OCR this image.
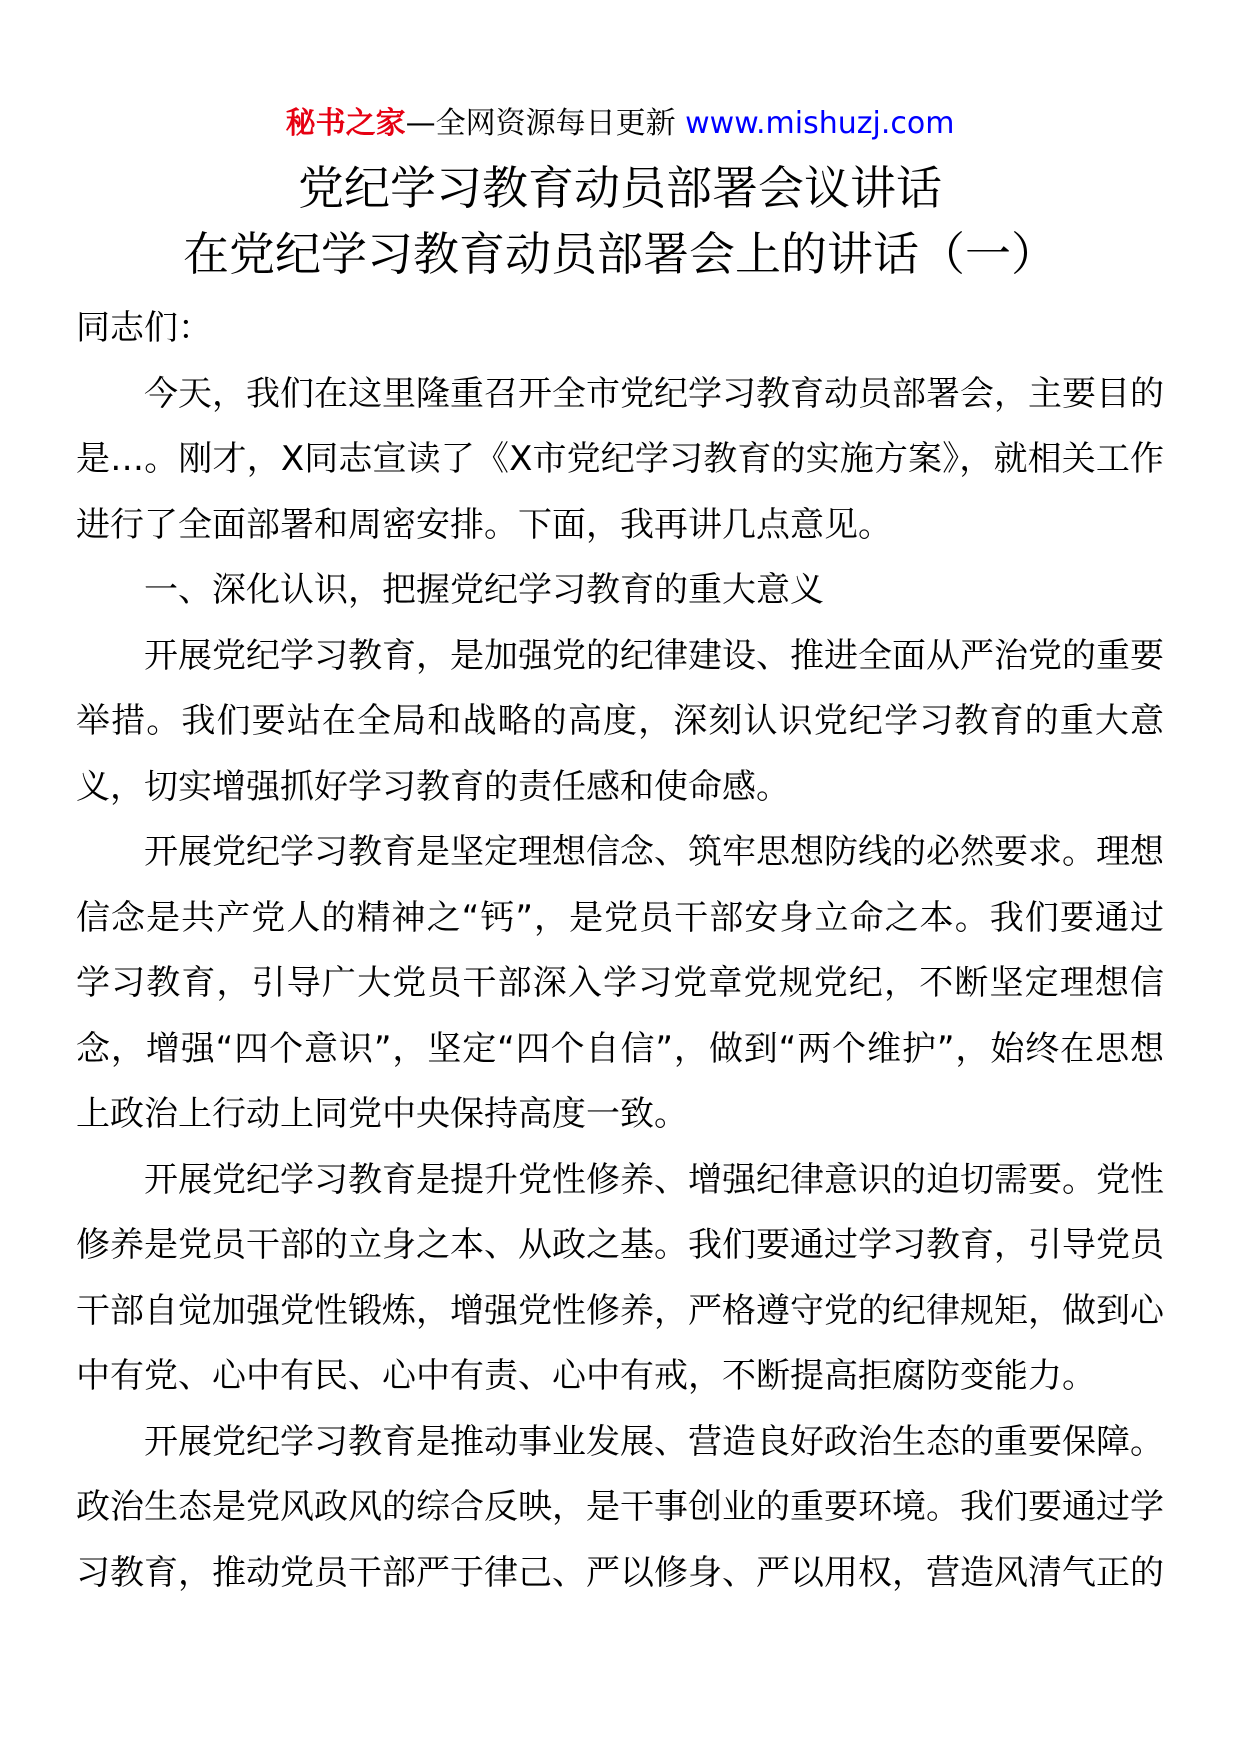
秘书之家—全网资源每日更新 www.mishuzj.com
党纪学习教育动员部署会议讲话
在党纪学习教育动员部署会上的讲话（一）

同志们：

今天，我们在这里隆重召开全市党纪学习教育动员部署会，主要目的是…。刚才，X同志宣读了《X市党纪学习教育的实施方案》，就相关工作进行了全面部署和周密安排。下面，我再讲几点意见。

一、深化认识，把握党纪学习教育的重大意义

开展党纪学习教育，是加强党的纪律建设、推进全面从严治党的重要举措。我们要站在全局和战略的高度，深刻认识党纪学习教育的重大意义，切实增强抓好学习教育的责任感和使命感。

开展党纪学习教育是坚定理想信念、筑牢思想防线的必然要求。理想信念是共产党人的精神之“钙”，是党员干部安身立命之本。我们要通过学习教育，引导广大党员干部深入学习党章党规党纪，不断坚定理想信念，增强“四个意识”，坚定“四个自信”，做到“两个维护”，始终在思想上政治上行动上同党中央保持高度一致。

开展党纪学习教育是提升党性修养、增强纪律意识的迫切需要。党性修养是党员干部的立身之本、从政之基。我们要通过学习教育，引导党员干部自觉加强党性锻炼，增强党性修养，严格遵守党的纪律规矩，做到心中有党、心中有民、心中有责、心中有戒，不断提高拒腐防变能力。

开展党纪学习教育是推动事业发展、营造良好政治生态的重要保障。政治生态是党风政风的综合反映，是干事创业的重要环境。我们要通过学习教育，推动党员干部严于律己、严以修身、严以用权，营造风清气正的
